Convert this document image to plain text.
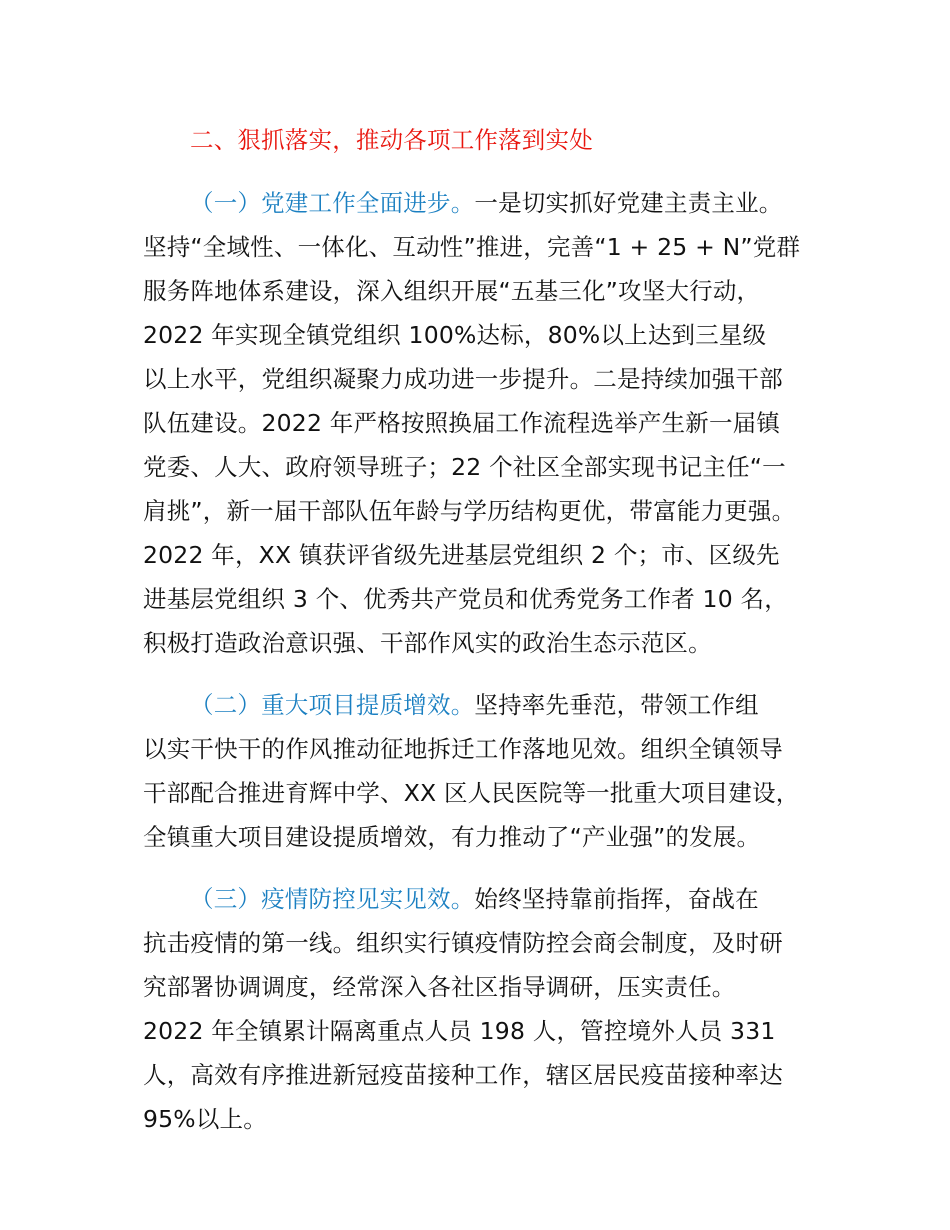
二、狠抓落实，推动各项工作落到实处
（一）党建工作全面进步。一是切实抓好党建主责主业。
坚持“全域性、一体化、互动性”推进，完善“1 + 25 + N”党群
服务阵地体系建设，深入组织开展“五基三化”攻坚大行动，
2022 年实现全镇党组织 100%达标，80%以上达到三星级
以上水平，党组织凝聚力成功进一步提升。二是持续加强干部
队伍建设。2022 年严格按照换届工作流程选举产生新一届镇
党委、人大、政府领导班子；22 个社区全部实现书记主任“一
肩挑”，新一届干部队伍年龄与学历结构更优，带富能力更强。
2022 年，XX 镇获评省级先进基层党组织 2 个；市、区级先
进基层党组织 3 个、优秀共产党员和优秀党务工作者 10 名，
积极打造政治意识强、干部作风实的政治生态示范区。
（二）重大项目提质增效。坚持率先垂范，带领工作组
以实干快干的作风推动征地拆迁工作落地见效。组织全镇领导
干部配合推进育辉中学、XX 区人民医院等一批重大项目建设，
全镇重大项目建设提质增效，有力推动了“产业强”的发展。
（三）疫情防控见实见效。始终坚持靠前指挥，奋战在
抗击疫情的第一线。组织实行镇疫情防控会商会制度，及时研
究部署协调调度，经常深入各社区指导调研，压实责任。
2022 年全镇累计隔离重点人员 198 人，管控境外人员 331
人，高效有序推进新冠疫苗接种工作，辖区居民疫苗接种率达
95%以上。
